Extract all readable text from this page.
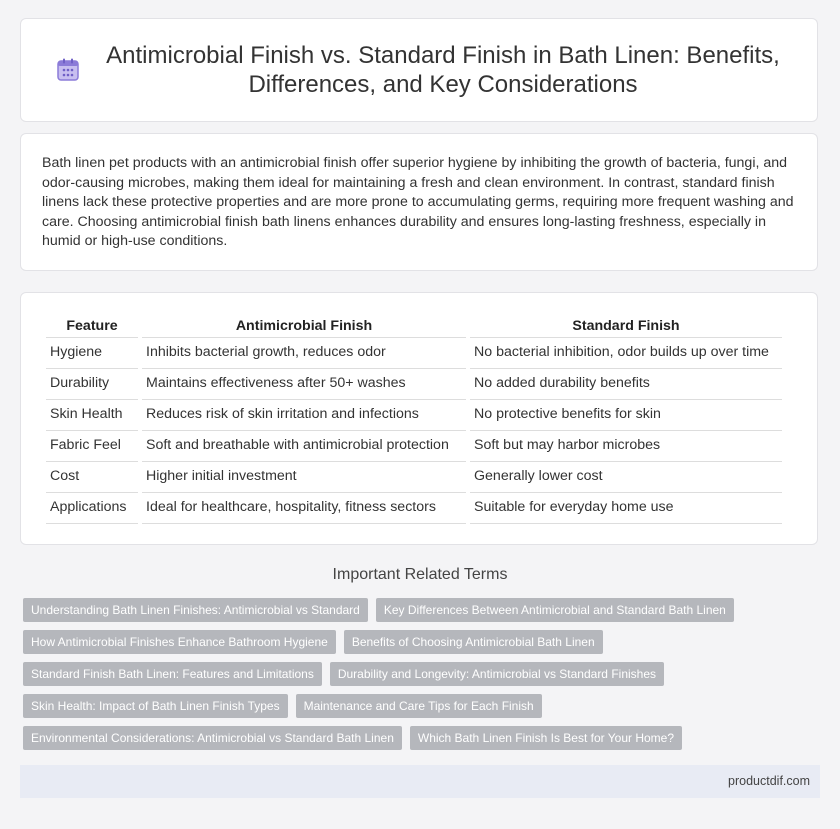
Antimicrobial Finish vs. Standard Finish in Bath Linen: Benefits, Differences, and Key Considerations

Bath linen pet products with an antimicrobial finish offer superior hygiene by inhibiting the growth of bacteria, fungi, and odor-causing microbes, making them ideal for maintaining a fresh and clean environment. In contrast, standard finish linens lack these protective properties and are more prone to accumulating germs, requiring more frequent washing and care. Choosing antimicrobial finish bath linens enhances durability and ensures long-lasting freshness, especially in humid or high-use conditions.

Feature	Antimicrobial Finish	Standard Finish
Hygiene	Inhibits bacterial growth, reduces odor	No bacterial inhibition, odor builds up over time
Durability	Maintains effectiveness after 50+ washes	No added durability benefits
Skin Health	Reduces risk of skin irritation and infections	No protective benefits for skin
Fabric Feel	Soft and breathable with antimicrobial protection	Soft but may harbor microbes
Cost	Higher initial investment	Generally lower cost
Applications	Ideal for healthcare, hospitality, fitness sectors	Suitable for everyday home use
Important Related Terms
Understanding Bath Linen Finishes: Antimicrobial vs Standard	Key Differences Between Antimicrobial and Standard Bath Linen
How Antimicrobial Finishes Enhance Bathroom Hygiene	Benefits of Choosing Antimicrobial Bath Linen
Standard Finish Bath Linen: Features and Limitations	Durability and Longevity: Antimicrobial vs Standard Finishes
Skin Health: Impact of Bath Linen Finish Types	Maintenance and Care Tips for Each Finish
Environmental Considerations: Antimicrobial vs Standard Bath Linen	Which Bath Linen Finish Is Best for Your Home?
productdif.com
